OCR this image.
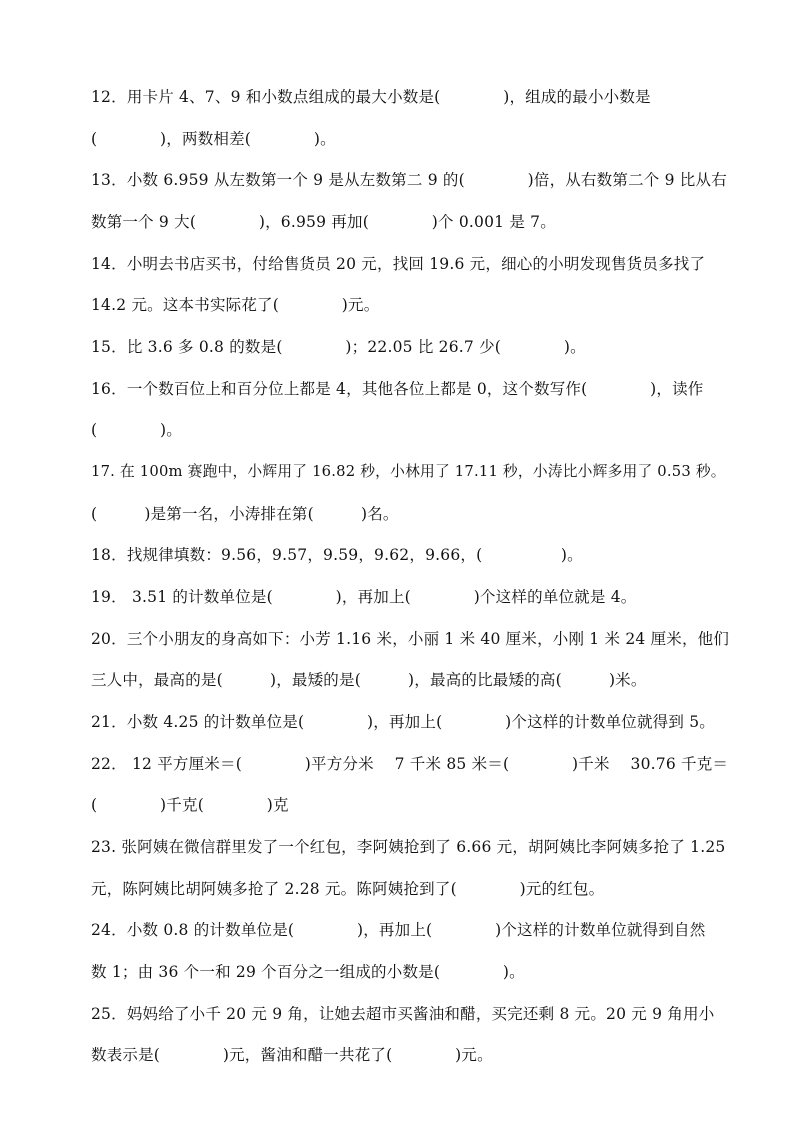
12．用卡片 4、7、9 和小数点组成的最大小数是(　　　　)，组成的最小小数是
(　　　　)，两数相差(　　　　)。
13．小数 6.959 从左数第一个 9 是从左数第二 9 的(　　　　)倍，从右数第二个 9 比从右
数第一个 9 大(　　　　)，6.959 再加(　　　　)个 0.001 是 7。
14．小明去书店买书，付给售货员 20 元，找回 19.6 元，细心的小明发现售货员多找了
14.2 元。这本书实际花了(　　　　)元。
15．比 3.6 多 0.8 的数是(　　　　)；22.05 比 26.7 少(　　　　)。
16．一个数百位上和百分位上都是 4，其他各位上都是 0，这个数写作(　　　　)，读作
(　　　　)。
17. 在 100m 赛跑中，小辉用了 16.82 秒，小林用了 17.11 秒，小涛比小辉多用了 0.53 秒。
(　　　)是第一名，小涛排在第(　　　)名。
18．找规律填数：9.56，9.57，9.59，9.62，9.66，(　　　　　)。
19． 3.51 的计数单位是(　　　　)，再加上(　　　　)个这样的单位就是 4。
20．三个小朋友的身高如下：小芳 1.16 米，小丽 1 米 40 厘米，小刚 1 米 24 厘米，他们
三人中，最高的是(　　　)，最矮的是(　　　)，最高的比最矮的高(　　　)米。
21．小数 4.25 的计数单位是(　　　　)，再加上(　　　　)个这样的计数单位就得到 5。
22． 12 平方厘米＝(　　　　)平方分米　 7 千米 85 米＝(　　　　)千米　 30.76 千克＝
(　　　　)千克(　　　　)克
23. 张阿姨在微信群里发了一个红包，李阿姨抢到了 6.66 元，胡阿姨比李阿姨多抢了 1.25
元，陈阿姨比胡阿姨多抢了 2.28 元。陈阿姨抢到了(　　　　)元的红包。
24．小数 0.8 的计数单位是(　　　　)，再加上(　　　　)个这样的计数单位就得到自然
数 1；由 36 个一和 29 个百分之一组成的小数是(　　　　)。
25．妈妈给了小千 20 元 9 角，让她去超市买酱油和醋，买完还剩 8 元。20 元 9 角用小
数表示是(　　　　)元，酱油和醋一共花了(　　　　)元。
